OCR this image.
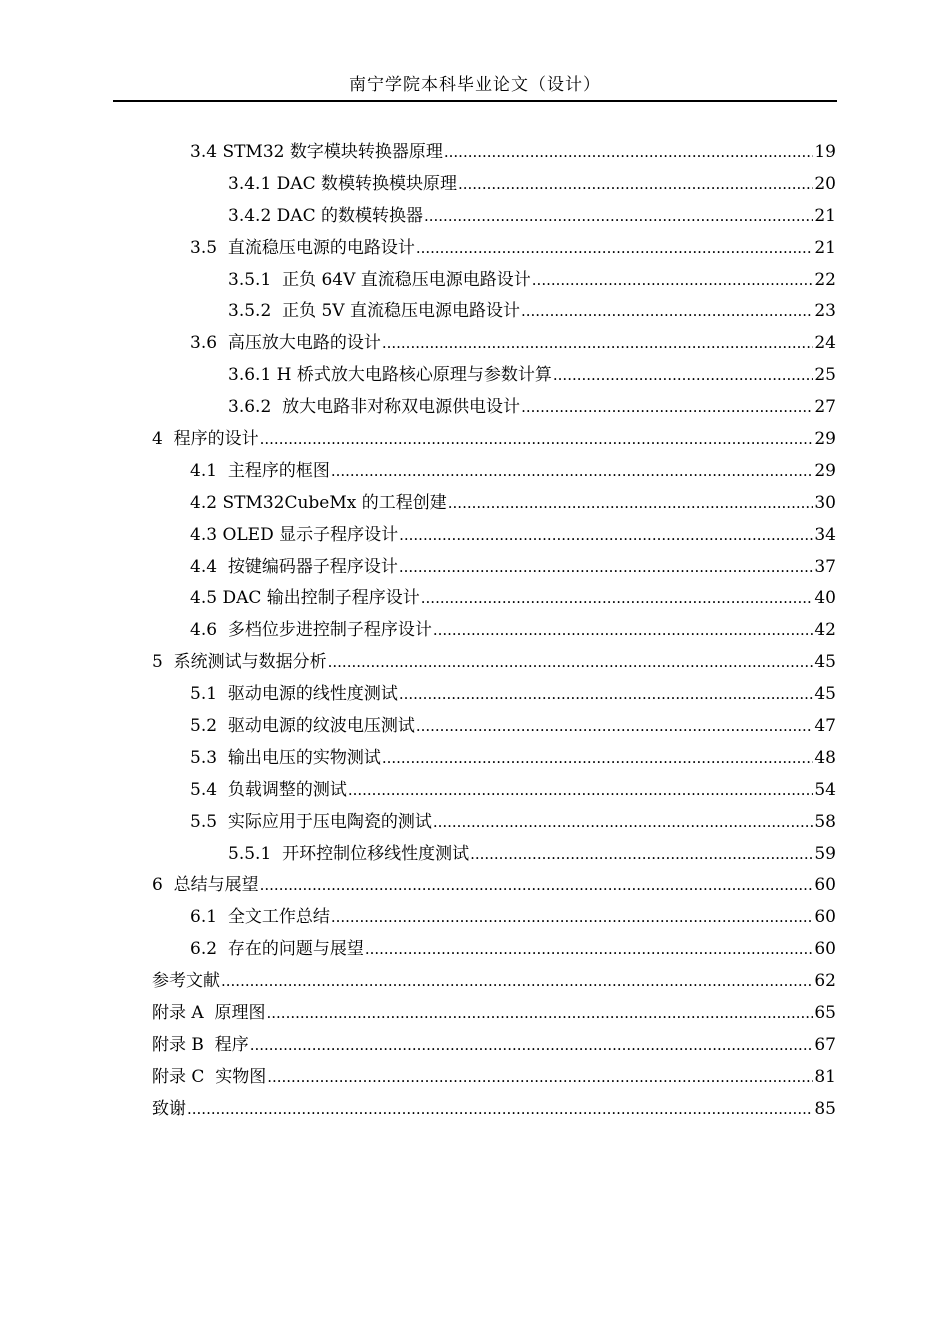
南宁学院本科毕业论文（设计）
3.4 STM32 数字模块转换器原理 .....	19
3.4.1 DAC 数模转换模块原理 .....	20
3.4.2 DAC 的数模转换器 .....	21
3.5  直流稳压电源的电路设计 .....	21
3.5.1  正负 64V 直流稳压电源电路设计 .....	22
3.5.2  正负 5V 直流稳压电源电路设计 .....	23
3.6  高压放大电路的设计 .....	24
3.6.1 H 桥式放大电路核心原理与参数计算 .....	25
3.6.2  放大电路非对称双电源供电设计 .....	27
4  程序的设计 .....	29
4.1  主程序的框图 .....	29
4.2 STM32CubeMx 的工程创建 .....	30
4.3 OLED 显示子程序设计 .....	34
4.4  按键编码器子程序设计 .....	37
4.5 DAC 输出控制子程序设计 .....	40
4.6  多档位步进控制子程序设计 .....	42
5  系统测试与数据分析 .....	45
5.1  驱动电源的线性度测试 .....	45
5.2  驱动电源的纹波电压测试 .....	47
5.3  输出电压的实物测试 .....	48
5.4  负载调整的测试 .....	54
5.5  实际应用于压电陶瓷的测试 .....	58
5.5.1  开环控制位移线性度测试 .....	59
6  总结与展望 .....	60
6.1  全文工作总结 .....	60
6.2  存在的问题与展望 .....	60
参考文献 .....	62
附录 A  原理图 .....	65
附录 B  程序 .....	67
附录 C  实物图 .....	81
致谢 .....	85
